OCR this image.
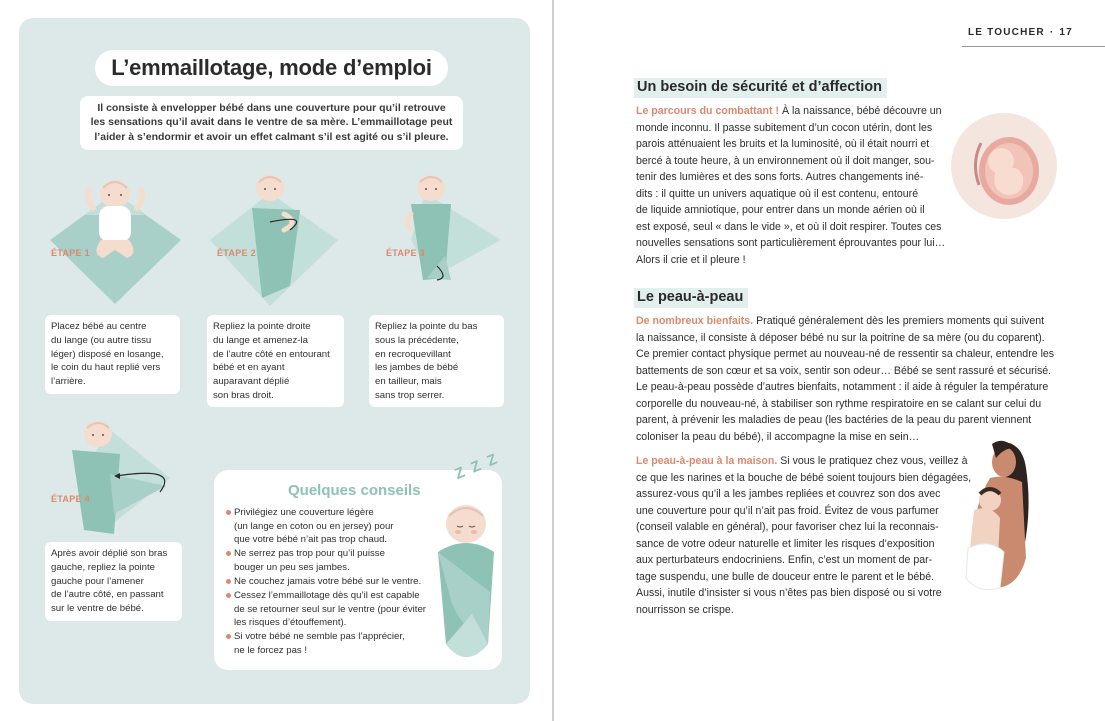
L’emmaillotage, mode d’emploi
Il consiste à envelopper bébé dans une couverture pour qu’il retrouve
les sensations qu’il avait dans le ventre de sa mère. L’emmaillotage peut
l’aider à s’endormir et avoir un effet calmant s’il est agité ou s’il pleure.
ÉTAPE 1	ÉTAPE 2	ÉTAPE 3
Placez bébé au centre
du lange (ou autre tissu
léger) disposé en losange,
le coin du haut replié vers
l’arrière.
Repliez la pointe droite
du lange et amenez-la
de l’autre côté en entourant
bébé et en ayant
auparavant déplié
son bras droit.
Repliez la pointe du bas
sous la précédente,
en recroquevillant
les jambes de bébé
en tailleur, mais
sans trop serrer.
ÉTAPE 4
Après avoir déplié son bras
gauche, repliez la pointe
gauche pour l’amener
de l’autre côté, en passant
sur le ventre de bébé.
Quelques conseils
Privilégiez une couverture légère
(un lange en coton ou en jersey) pour
que votre bébé n’ait pas trop chaud.
Ne serrez pas trop pour qu’il puisse
bouger un peu ses jambes.
Ne couchez jamais votre bébé sur le ventre.
Cessez l’emmaillotage dès qu’il est capable
de se retourner seul sur le ventre (pour éviter
les risques d’étouffement).
Si votre bébé ne semble pas l’apprécier,
ne le forcez pas !
Z Z Z
LE TOUCHER · 17
Un besoin de sécurité et d’affection
Le parcours du combattant ! À la naissance, bébé découvre un
monde inconnu. Il passe subitement d’un cocon utérin, dont les
parois atténuaient les bruits et la luminosité, où il était nourri et
bercé à toute heure, à un environnement où il doit manger, sou-
tenir des lumières et des sons forts. Autres changements iné-
dits : il quitte un univers aquatique où il est contenu, entouré
de liquide amniotique, pour entrer dans un monde aérien où il
est exposé, seul « dans le vide », et où il doit respirer. Toutes ces
nouvelles sensations sont particulièrement éprouvantes pour lui…
Alors il crie et il pleure !
Le peau-à-peau
De nombreux bienfaits. Pratiqué généralement dès les premiers moments qui suivent
la naissance, il consiste à déposer bébé nu sur la poitrine de sa mère (ou du coparent).
Ce premier contact physique permet au nouveau-né de ressentir sa chaleur, entendre les
battements de son cœur et sa voix, sentir son odeur… Bébé se sent rassuré et sécurisé.
Le peau-à-peau possède d’autres bienfaits, notamment : il aide à réguler la température
corporelle du nouveau-né, à stabiliser son rythme respiratoire en se calant sur celui du
parent, à prévenir les maladies de peau (les bactéries de la peau du parent viennent
coloniser la peau du bébé), il accompagne la mise en sein…
Le peau-à-peau à la maison. Si vous le pratiquez chez vous, veillez à
ce que les narines et la bouche de bébé soient toujours bien dégagées,
assurez-vous qu’il a les jambes repliées et couvrez son dos avec
une couverture pour qu’il n’ait pas froid. Évitez de vous parfumer
(conseil valable en général), pour favoriser chez lui la reconnais-
sance de votre odeur naturelle et limiter les risques d’exposition
aux perturbateurs endocriniens. Enfin, c’est un moment de par-
tage suspendu, une bulle de douceur entre le parent et le bébé.
Aussi, inutile d’insister si vous n’êtes pas bien disposé ou si votre
nourrisson se crispe.
